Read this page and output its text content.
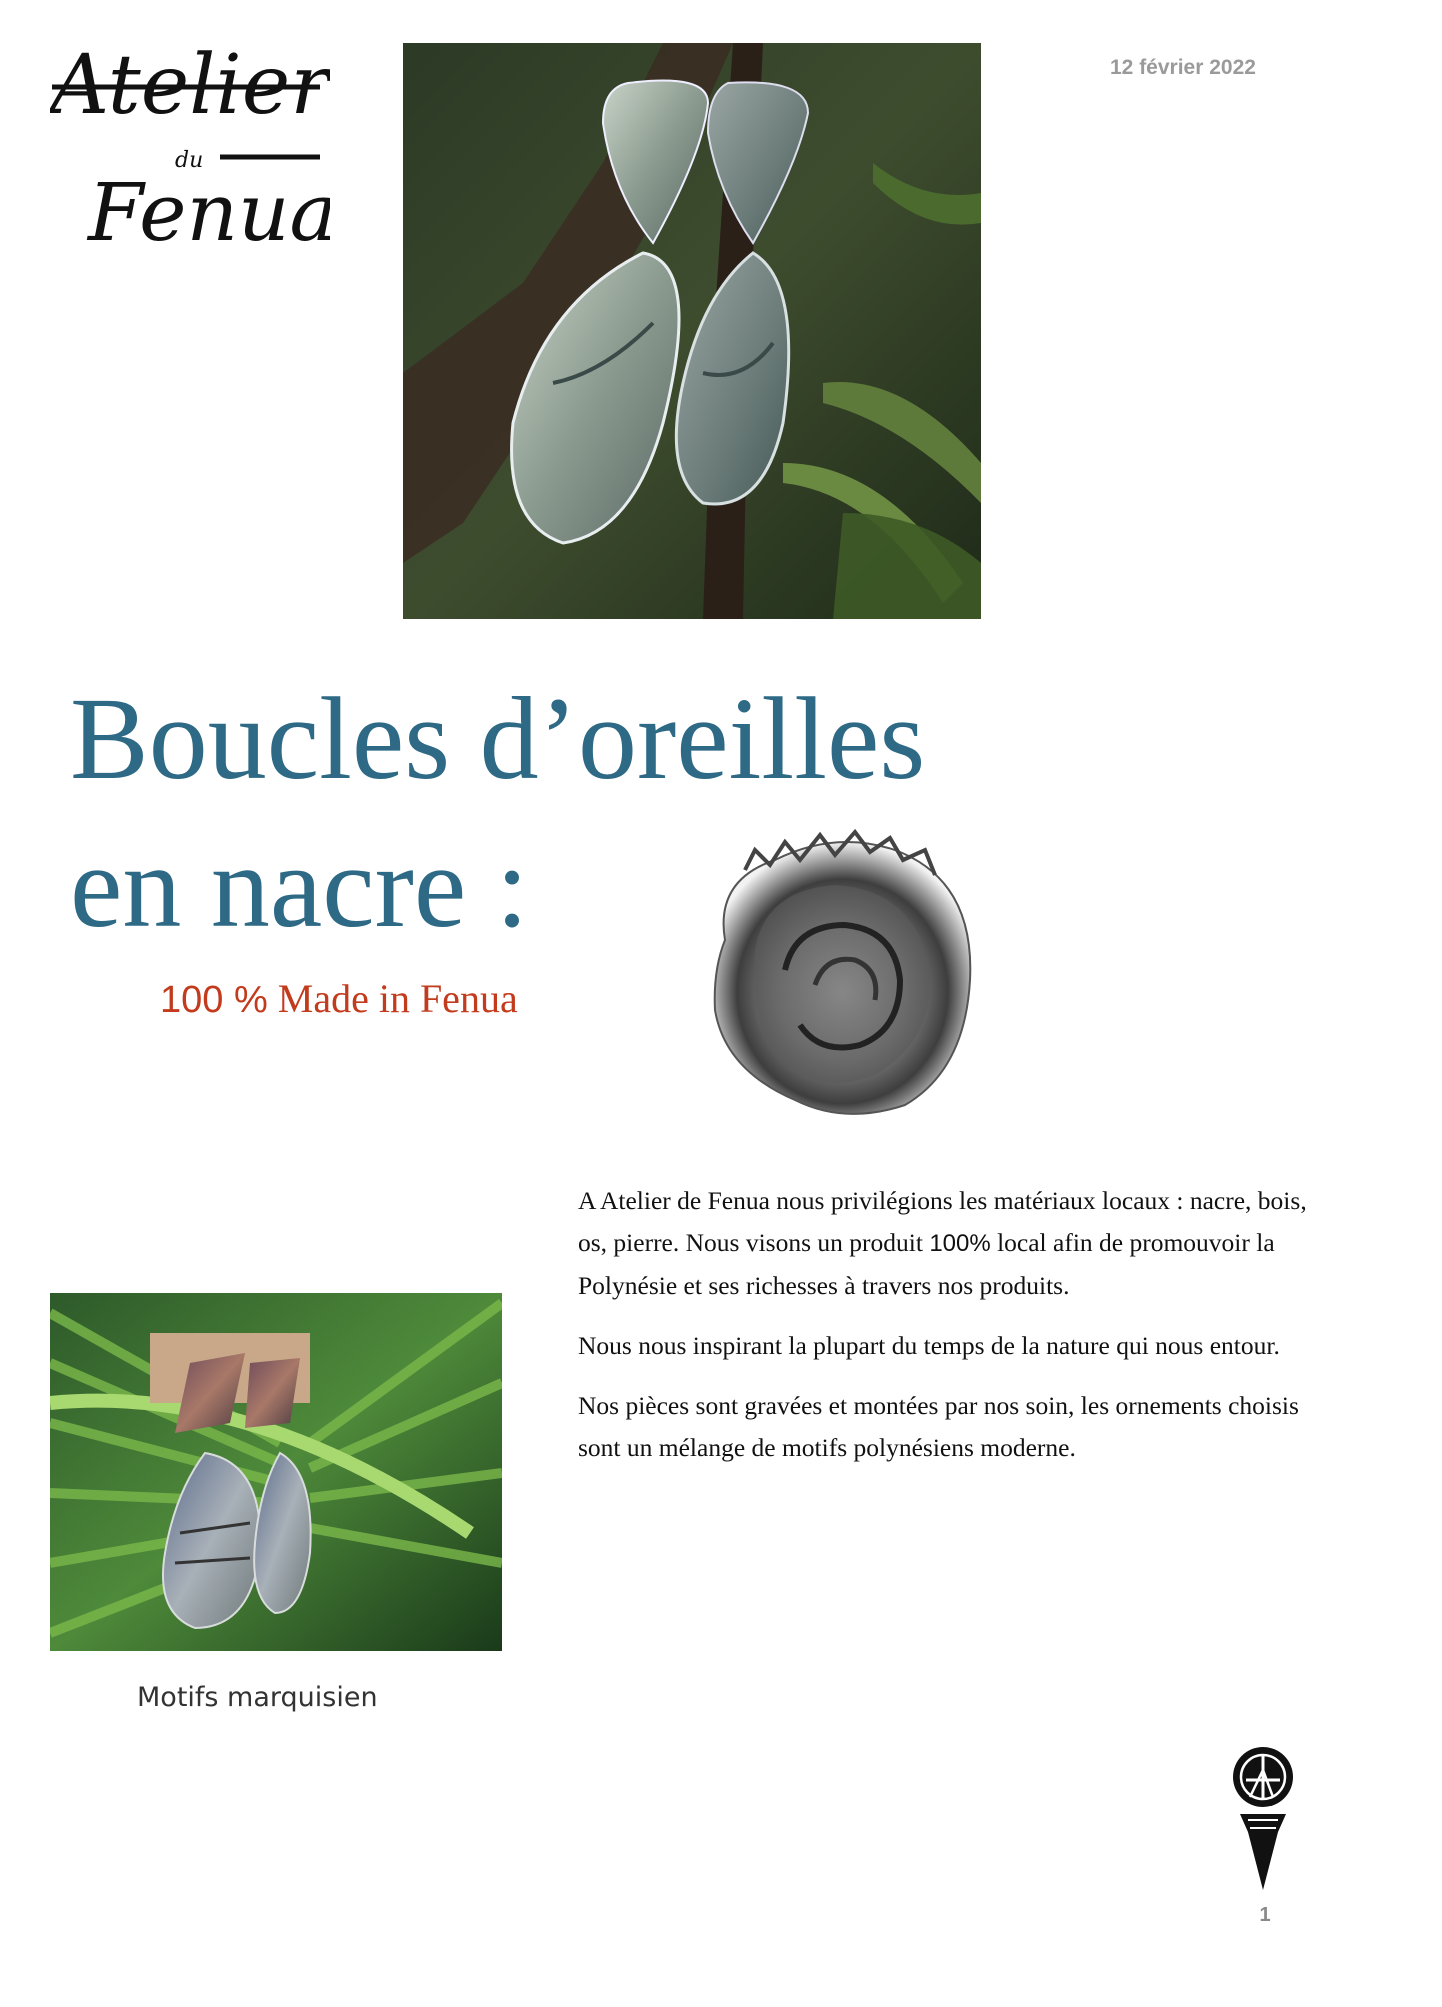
Atelier
du
Fenua
12 février 2022
Boucles d’oreilles
en nacre :
100 % Made in Fenua

A Atelier de Fenua nous privilégions les matériaux locaux : nacre, bois, os, pierre. Nous visons un produit 100% local afin de promouvoir la Polynésie et ses richesses à travers nos produits.

Nous nous inspirant la plupart du temps de la nature qui nous entour.

Nos pièces sont gravées et montées par nos soin, les ornements choisis sont un mélange de motifs polynésiens moderne.

Motifs marquisien
1
